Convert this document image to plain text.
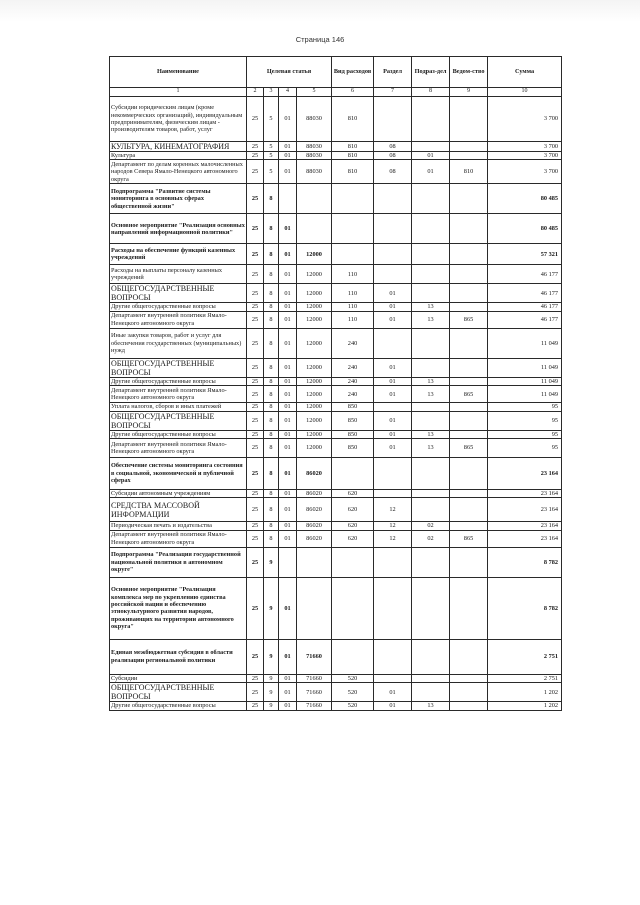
Страница 146
Наименование	Целевая статья				Вид расходов	Раздел	Подраз-дел	Ведом-ство	Сумма
1	2	3	4	5	6	7	8	9	10
Субсидии юридическим лицам (кроме некоммерческих организаций), индивидуальным предпринимателям, физическим лицам - производителям товаров, работ, услуг	25	5	01	88030	810				3 700
КУЛЬТУРА, КИНЕМАТОГРАФИЯ	25	5	01	88030	810	08			3 700
Культура	25	5	01	88030	810	08	01		3 700
Департамент по делам коренных малочисленных народов Севера Ямало-Ненецкого автономного округа	25	5	01	88030	810	08	01	810	3 700
Подпрограмма "Развитие системы мониторинга в основных сферах общественной жизни"	25	8							80 485
Основное мероприятие "Реализация основных направлений информационной политики"	25	8	01						80 485
Расходы на обеспечение функций казенных учреждений	25	8	01	12000					57 321
Расходы на выплаты персоналу казенных учреждений	25	8	01	12000	110				46 177
ОБЩЕГОСУДАРСТВЕННЫЕ ВОПРОСЫ	25	8	01	12000	110	01			46 177
Другие общегосударственные вопросы	25	8	01	12000	110	01	13		46 177
Департамент внутренней политики Ямало-Ненецкого автономного округа	25	8	01	12000	110	01	13	865	46 177
Иные закупки товаров, работ и услуг для обеспечения государственных (муниципальных) нужд	25	8	01	12000	240				11 049
ОБЩЕГОСУДАРСТВЕННЫЕ ВОПРОСЫ	25	8	01	12000	240	01			11 049
Другие общегосударственные вопросы	25	8	01	12000	240	01	13		11 049
Департамент внутренней политики Ямало-Ненецкого автономного округа	25	8	01	12000	240	01	13	865	11 049
Уплата налогов, сборов и иных платежей	25	8	01	12000	850				95
ОБЩЕГОСУДАРСТВЕННЫЕ ВОПРОСЫ	25	8	01	12000	850	01			95
Другие общегосударственные вопросы	25	8	01	12000	850	01	13		95
Департамент внутренней политики Ямало-Ненецкого автономного округа	25	8	01	12000	850	01	13	865	95
Обеспечение системы мониторинга состояния в социальной, экономической и публичной сферах	25	8	01	86020					23 164
Субсидии автономным учреждениям	25	8	01	86020	620				23 164
СРЕДСТВА МАССОВОЙ ИНФОРМАЦИИ	25	8	01	86020	620	12			23 164
Периодическая печать и издательства	25	8	01	86020	620	12	02		23 164
Департамент внутренней политики Ямало-Ненецкого автономного округа	25	8	01	86020	620	12	02	865	23 164
Подпрограмма "Реализация государственной национальной политики в автономном округе"	25	9							8 782
Основное мероприятие "Реализация комплекса мер по укреплению единства российской нации и обеспечению этнокультурного развития народов, проживающих на территории автономного округа"	25	9	01						8 782
Единая межбюджетная субсидия в области реализации региональной политики	25	9	01	71660					2 751
Субсидии	25	9	01	71660	520				2 751
ОБЩЕГОСУДАРСТВЕННЫЕ ВОПРОСЫ	25	9	01	71660	520	01			1 202
Другие общегосударственные вопросы	25	9	01	71660	520	01	13		1 202
